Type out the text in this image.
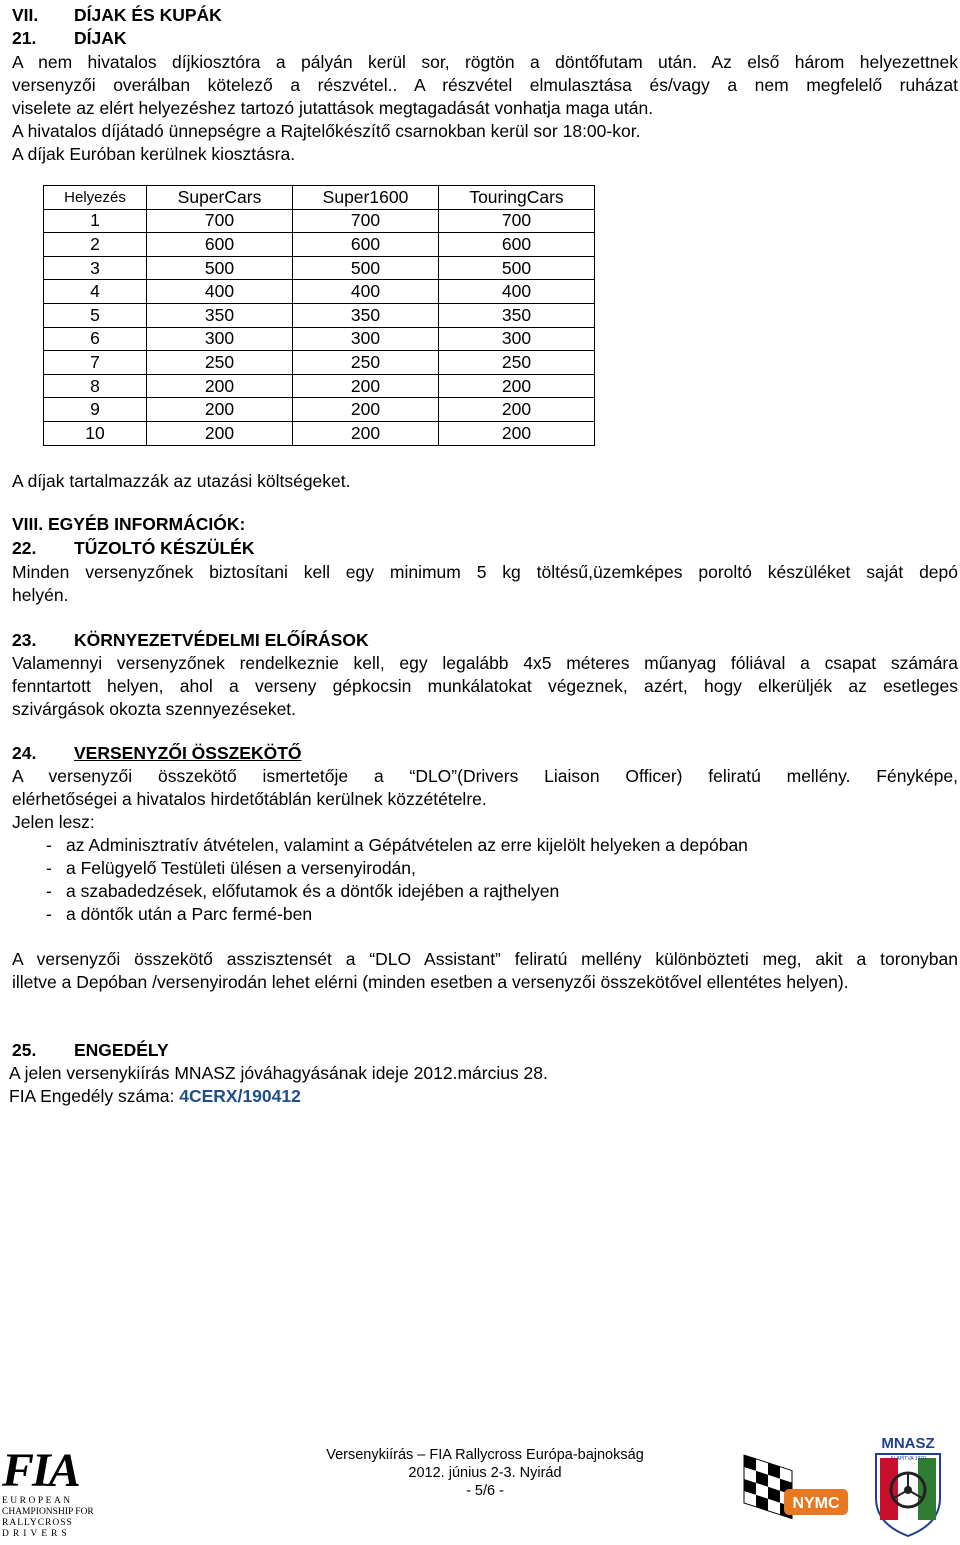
VII. DÍJAK ÉS KUPÁK
21. DÍJAK
A nem hivatalos díjkiosztóra a pályán kerül sor, rögtön a döntőfutam után. Az első három helyezettnek
versenyzői overálban kötelező a részvétel.. A részvétel elmulasztása és/vagy a nem megfelelő ruházat
viselete az elért helyezéshez tartozó jutattások megtagadását vonhatja maga után.
A hivatalos díjátadó ünnepségre a Rajtelőkészítő csarnokban kerül sor 18:00-kor.
A díjak Euróban kerülnek kiosztásra.
Helyezés	SuperCars	Super1600	TouringCars
1	700	700	700
2	600	600	600
3	500	500	500
4	400	400	400
5	350	350	350
6	300	300	300
7	250	250	250
8	200	200	200
9	200	200	200
10	200	200	200
A díjak tartalmazzák az utazási költségeket.
VIII. EGYÉB INFORMÁCIÓK:
22. TŰZOLTÓ KÉSZÜLÉK
Minden versenyzőnek biztosítani kell egy minimum 5 kg töltésű,üzemképes poroltó készüléket saját depó
helyén.
23. KÖRNYEZETVÉDELMI ELŐÍRÁSOK
Valamennyi versenyzőnek rendelkeznie kell, egy legalább 4x5 méteres műanyag fóliával a csapat számára
fenntartott helyen, ahol a verseny gépkocsin munkálatokat végeznek, azért, hogy elkerüljék az esetleges
szivárgások okozta szennyezéseket.
24. VERSENYZŐI ÖSSZEKÖTŐ
A versenyzői összekötő ismertetője a “DLO”(Drivers Liaison Officer) feliratú mellény. Fényképe,
elérhetőségei a hivatalos hirdetőtáblán kerülnek közzétételre.
Jelen lesz:
- az Adminisztratív átvételen, valamint a Gépátvételen az erre kijelölt helyeken a depóban
- a Felügyelő Testületi ülésen a versenyirodán,
- a szabadedzések, előfutamok és a döntők idejében a rajthelyen
- a döntők után a Parc fermé-ben
A versenyzői összekötő asszisztensét a “DLO Assistant” feliratú mellény különbözteti meg, akit a toronyban
illetve a Depóban /versenyirodán lehet elérni (minden esetben a versenyzői összekötővel ellentétes helyen).
25. ENGEDÉLY
A jelen versenykiírás MNASZ jóváhagyásának ideje 2012.március 28.
FIA Engedély száma: 4CERX/190412
Versenykiírás – FIA Rallycross Európa-bajnokság
2012. június 2-3. Nyirád
- 5/6 -
FIA
EUROPEAN
CHAMPIONSHIP FOR
RALLYCROSS
DRIVERS
NYMC
MNASZ
ALAPÍTVA 1970
